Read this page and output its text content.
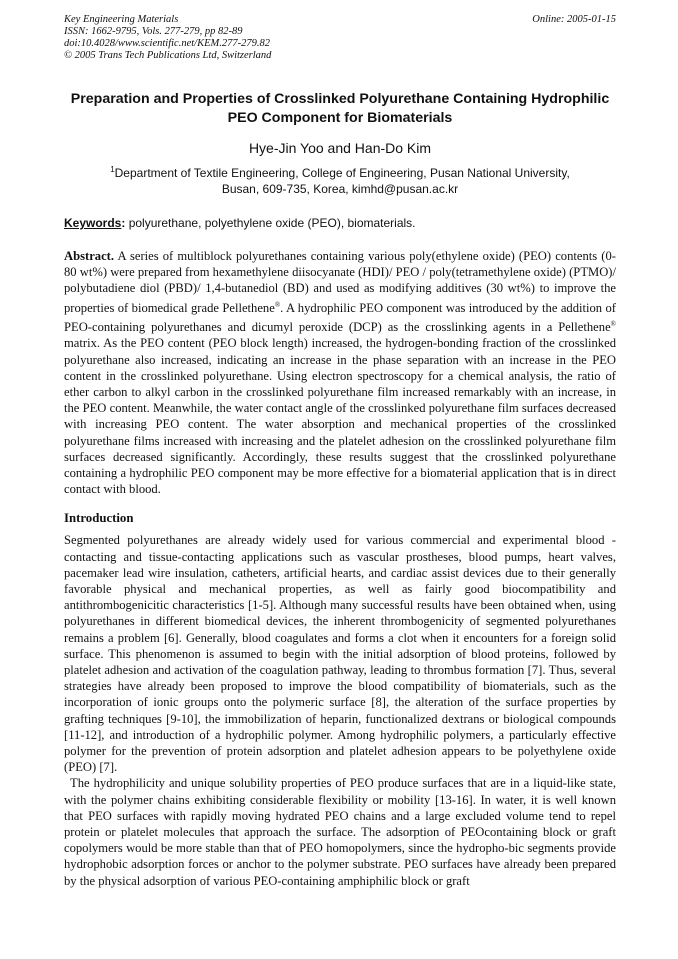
Key Engineering Materials
ISSN: 1662-9795, Vols. 277-279, pp 82-89
doi:10.4028/www.scientific.net/KEM.277-279.82
© 2005 Trans Tech Publications Ltd, Switzerland
Online: 2005-01-15
Preparation and Properties of Crosslinked Polyurethane Containing Hydrophilic PEO Component for Biomaterials
Hye-Jin Yoo and Han-Do Kim
$^1$Department of Textile Engineering, College of Engineering, Pusan National University,
Busan, 609-735, Korea, kimhd@pusan.ac.kr
Keywords: polyurethane, polyethylene oxide (PEO), biomaterials.
Abstract. A series of multiblock polyurethanes containing various poly(ethylene oxide) (PEO) contents (0-80 wt%) were prepared from hexamethylene diisocyanate (HDI)/ PEO / poly(tetramethylene oxide) (PTMO)/ polybutadiene diol (PBD)/ 1,4-butanediol (BD) and used as modifying additives (30 wt%) to improve the properties of biomedical grade Pellethene®. A hydrophilic PEO component was introduced by the addition of PEO-containing polyurethanes and dicumyl peroxide (DCP) as the crosslinking agents in a Pellethene® matrix. As the PEO content (PEO block length) increased, the hydrogen-bonding fraction of the crosslinked polyurethane also increased, indicating an increase in the phase separation with an increase in the PEO content in the crosslinked polyurethane. Using electron spectroscopy for a chemical analysis, the ratio of ether carbon to alkyl carbon in the crosslinked polyurethane film increased remarkably with an increase, in the PEO content. Meanwhile, the water contact angle of the crosslinked polyurethane film surfaces decreased with increasing PEO content. The water absorption and mechanical properties of the crosslinked polyurethane films increased with increasing and the platelet adhesion on the crosslinked polyurethane film surfaces decreased significantly. Accordingly, these results suggest that the crosslinked polyurethane containing a hydrophilic PEO component may be more effective for a biomaterial application that is in direct contact with blood.
Introduction
Segmented polyurethanes are already widely used for various commercial and experimental blood -contacting and tissue-contacting applications such as vascular prostheses, blood pumps, heart valves, pacemaker lead wire insulation, catheters, artificial hearts, and cardiac assist devices due to their generally favorable physical and mechanical properties, as well as fairly good biocompatibility and antithrombogenicitic characteristics [1-5]. Although many successful results have been obtained when, using polyurethanes in different biomedical devices, the inherent thrombogenicity of segmented polyurethanes remains a problem [6]. Generally, blood coagulates and forms a clot when it encounters for a foreign solid surface. This phenomenon is assumed to begin with the initial adsorption of blood proteins, followed by platelet adhesion and activation of the coagulation pathway, leading to thrombus formation [7]. Thus, several strategies have already been proposed to improve the blood compatibility of biomaterials, such as the incorporation of ionic groups onto the polymeric surface [8], the alteration of the surface properties by grafting techniques [9-10], the immobilization of heparin, functionalized dextrans or biological compounds [11-12], and introduction of a hydrophilic polymer. Among hydrophilic polymers, a particularly effective polymer for the prevention of protein adsorption and platelet adhesion appears to be polyethylene oxide (PEO) [7].
The hydrophilicity and unique solubility properties of PEO produce surfaces that are in a liquid-like state, with the polymer chains exhibiting considerable flexibility or mobility [13-16]. In water, it is well known that PEO surfaces with rapidly moving hydrated PEO chains and a large excluded volume tend to repel protein or platelet molecules that approach the surface. The adsorption of PEOcontaining block or graft copolymers would be more stable than that of PEO homopolymers, since the hydropho-bic segments provide hydrophobic adsorption forces or anchor to the polymer substrate. PEO surfaces have already been prepared by the physical adsorption of various PEO-containing amphiphilic block or graft
